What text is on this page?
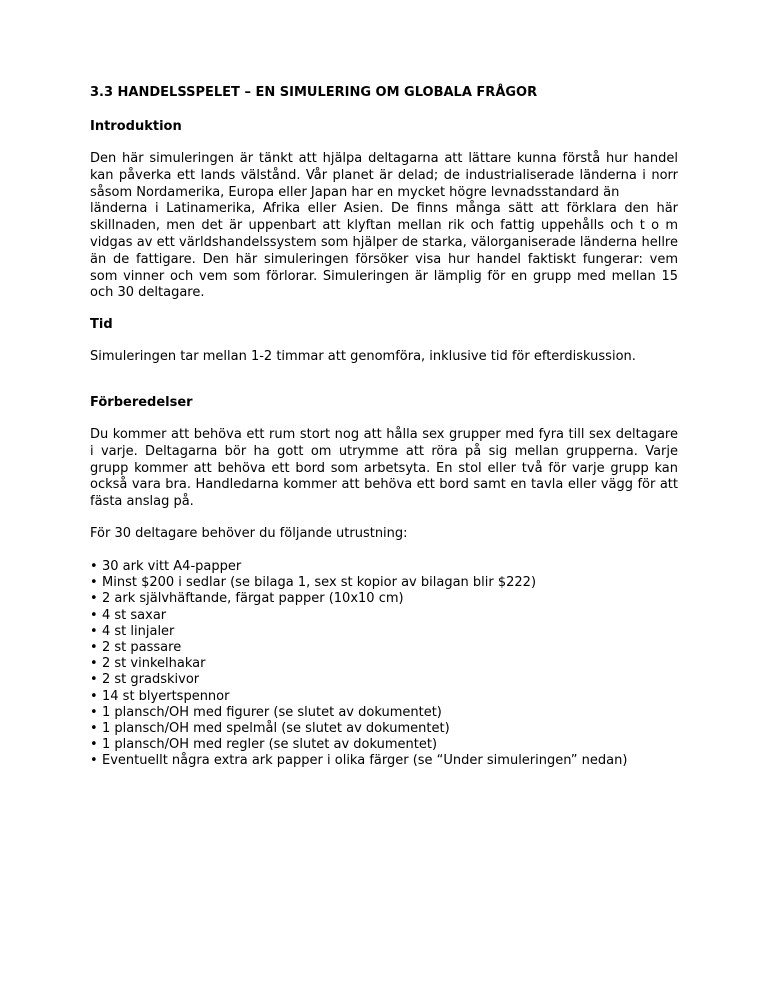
3.3 HANDELSSPELET – EN SIMULERING OM GLOBALA FRÅGOR
Introduktion
Den här simuleringen är tänkt att hjälpa deltagarna att lättare kunna förstå hur handel
kan påverka ett lands välstånd. Vår planet är delad; de industrialiserade länderna i norr
såsom Nordamerika, Europa eller Japan har en mycket högre levnadsstandard än
länderna i Latinamerika, Afrika eller Asien. De finns många sätt att förklara den här
skillnaden, men det är uppenbart att klyftan mellan rik och fattig uppehålls och t o m
vidgas av ett världshandelssystem som hjälper de starka, välorganiserade länderna hellre
än de fattigare. Den här simuleringen försöker visa hur handel faktiskt fungerar: vem
som vinner och vem som förlorar. Simuleringen är lämplig för en grupp med mellan 15
och 30 deltagare.
Tid

Simuleringen tar mellan 1-2 timmar att genomföra, inklusive tid för efterdiskussion.

Förberedelser
Du kommer att behöva ett rum stort nog att hålla sex grupper med fyra till sex deltagare
i varje. Deltagarna bör ha gott om utrymme att röra på sig mellan grupperna. Varje
grupp kommer att behöva ett bord som arbetsyta. En stol eller två för varje grupp kan
också vara bra. Handledarna kommer att behöva ett bord samt en tavla eller vägg för att
fästa anslag på.

För 30 deltagare behöver du följande utrustning:

• 30 ark vitt A4-papper
• Minst $200 i sedlar (se bilaga 1, sex st kopior av bilagan blir $222)
• 2 ark självhäftande, färgat papper (10x10 cm)
• 4 st saxar
• 4 st linjaler
• 2 st passare
• 2 st vinkelhakar
• 2 st gradskivor
• 14 st blyertspennor
• 1 plansch/OH med figurer (se slutet av dokumentet)
• 1 plansch/OH med spelmål (se slutet av dokumentet)
• 1 plansch/OH med regler (se slutet av dokumentet)
• Eventuellt några extra ark papper i olika färger (se “Under simuleringen” nedan)
